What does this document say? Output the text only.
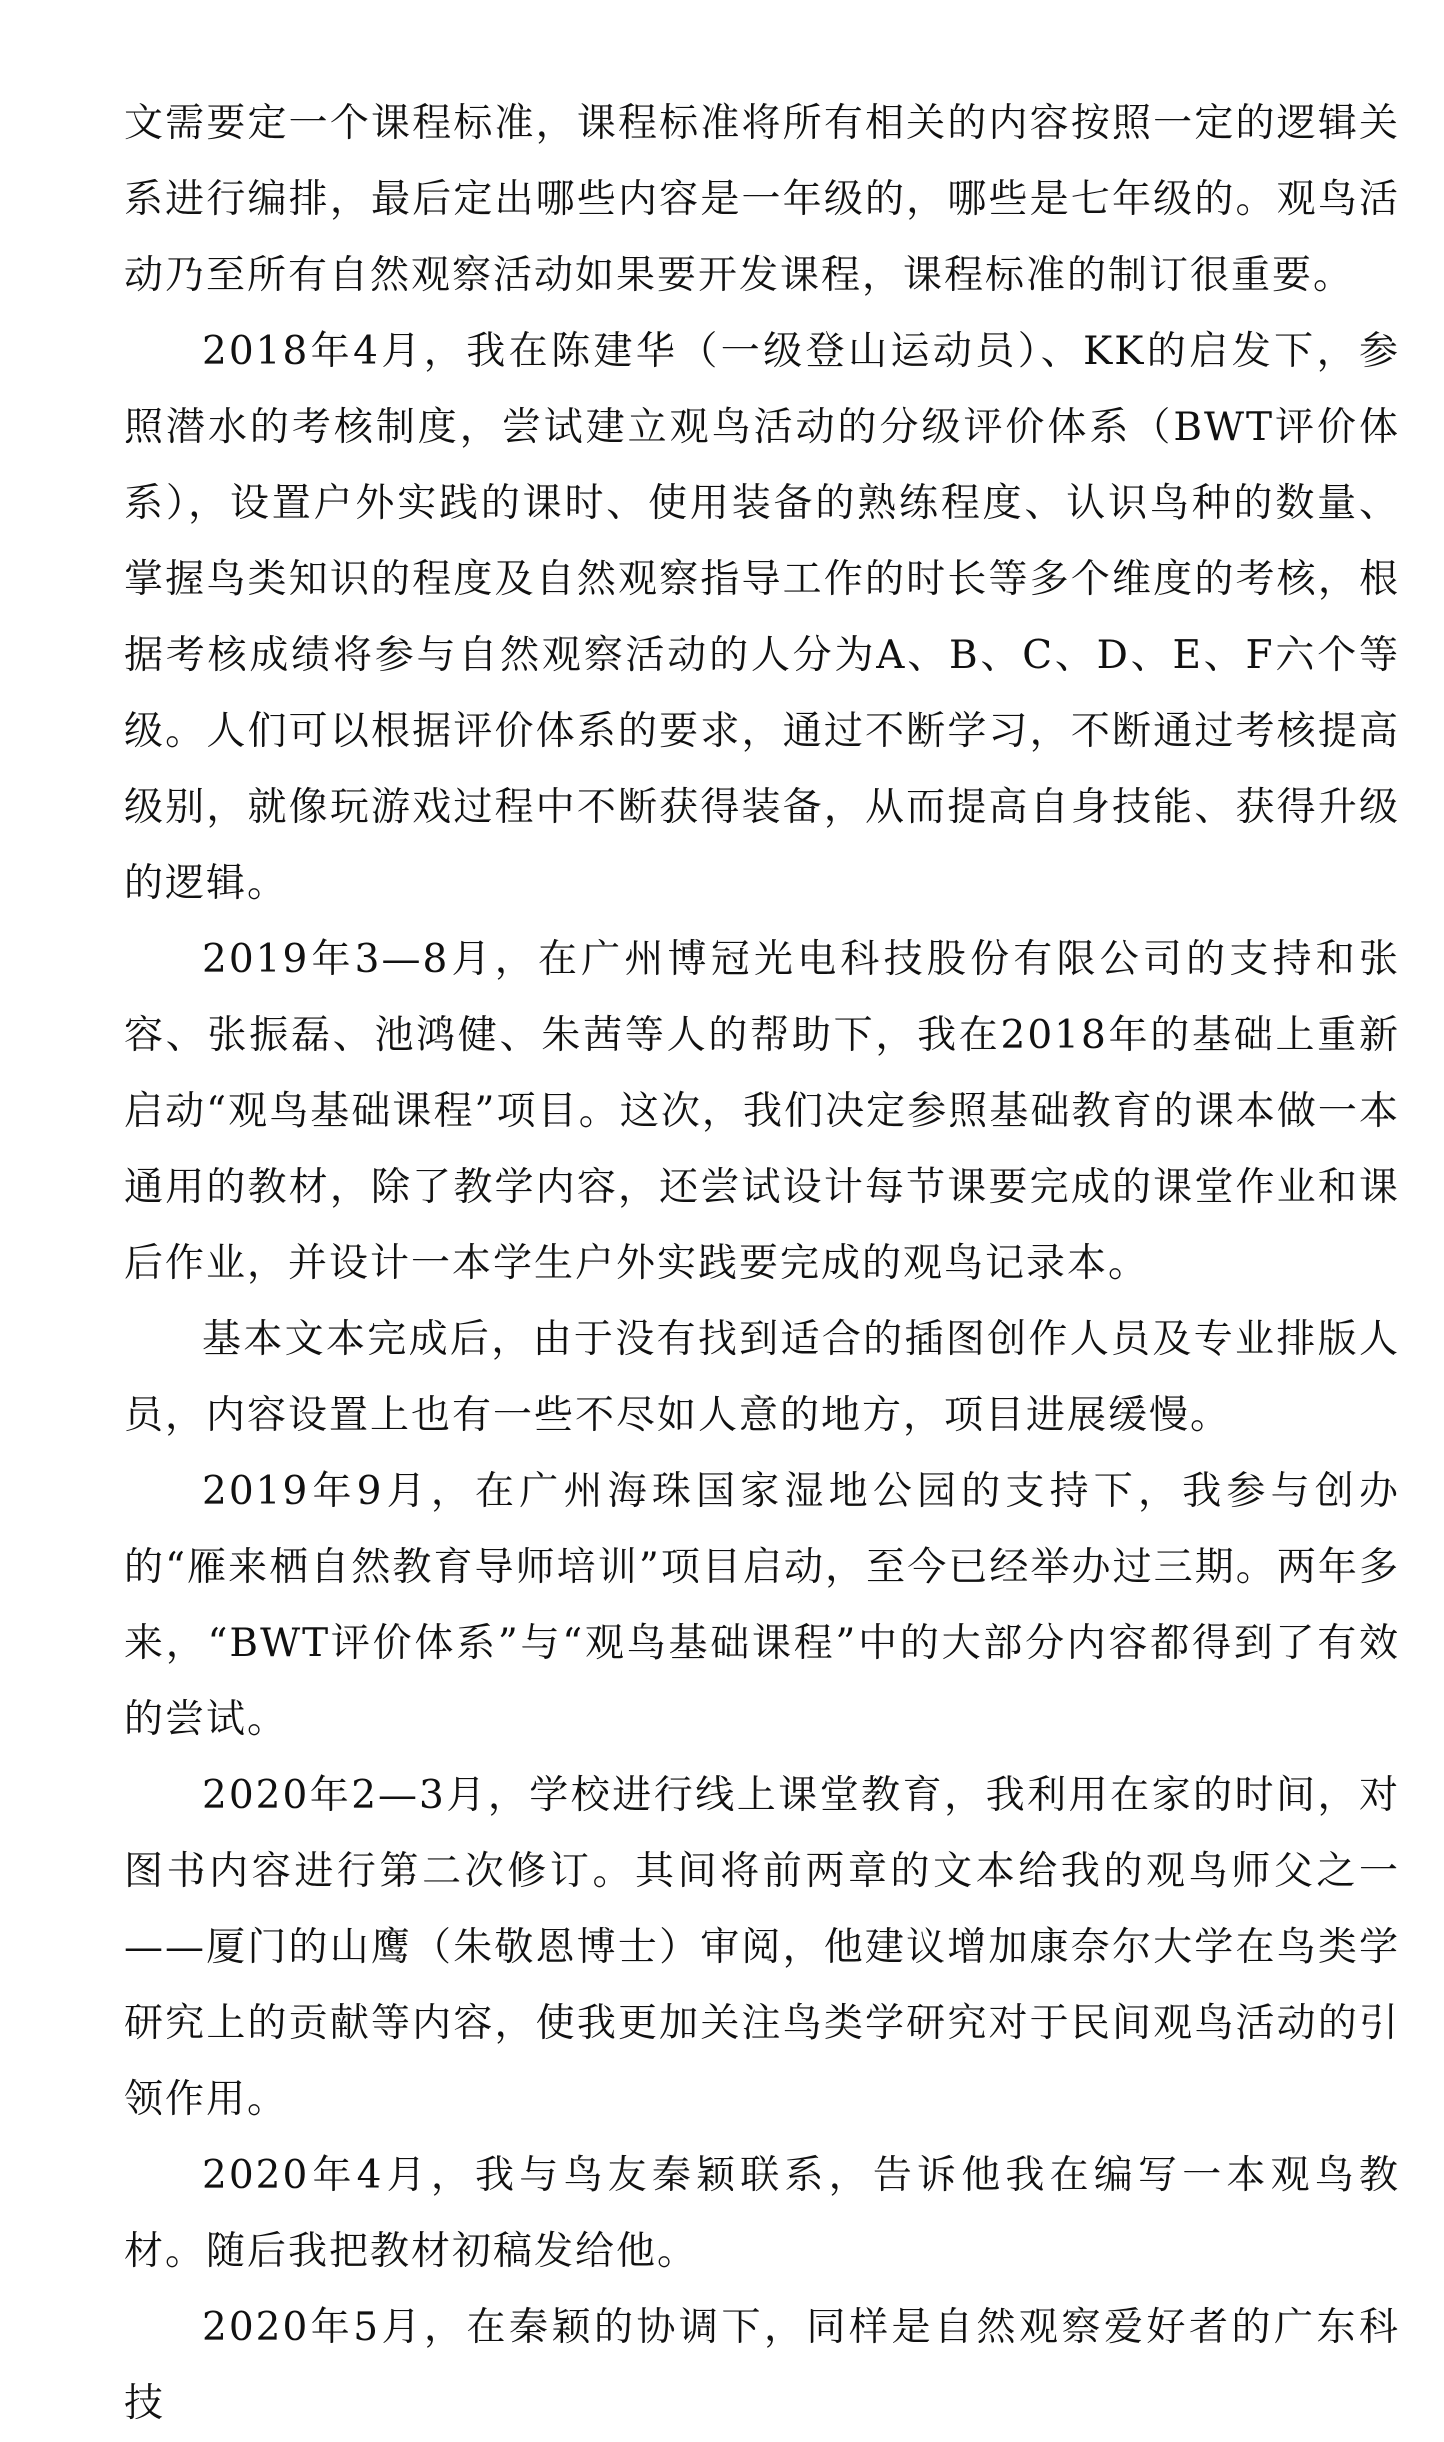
文需要定一个课程标准，课程标准将所有相关的内容按照一定的逻辑关系进行编排，最后定出哪些内容是一年级的，哪些是七年级的。观鸟活动乃至所有自然观察活动如果要开发课程，课程标准的制订很重要。

2018年4月，我在陈建华（一级登山运动员）、KK的启发下，参照潜水的考核制度，尝试建立观鸟活动的分级评价体系（BWT评价体系），设置户外实践的课时、使用装备的熟练程度、认识鸟种的数量、掌握鸟类知识的程度及自然观察指导工作的时长等多个维度的考核，根据考核成绩将参与自然观察活动的人分为A、B、C、D、E、F六个等级。人们可以根据评价体系的要求，通过不断学习，不断通过考核提高级别，就像玩游戏过程中不断获得装备，从而提高自身技能、获得升级的逻辑。

2019年3—8月，在广州博冠光电科技股份有限公司的支持和张容、张振磊、池鸿健、朱茜等人的帮助下，我在2018年的基础上重新启动“观鸟基础课程”项目。这次，我们决定参照基础教育的课本做一本通用的教材，除了教学内容，还尝试设计每节课要完成的课堂作业和课后作业，并设计一本学生户外实践要完成的观鸟记录本。

基本文本完成后，由于没有找到适合的插图创作人员及专业排版人员，内容设置上也有一些不尽如人意的地方，项目进展缓慢。

2019年9月，在广州海珠国家湿地公园的支持下，我参与创办的“雁来栖自然教育导师培训”项目启动，至今已经举办过三期。两年多来，“BWT评价体系”与“观鸟基础课程”中的大部分内容都得到了有效的尝试。

2020年2—3月，学校进行线上课堂教育，我利用在家的时间，对图书内容进行第二次修订。其间将前两章的文本给我的观鸟师父之一——厦门的山鹰（朱敬恩博士）审阅，他建议增加康奈尔大学在鸟类学研究上的贡献等内容，使我更加关注鸟类学研究对于民间观鸟活动的引领作用。

2020年4月，我与鸟友秦颖联系，告诉他我在编写一本观鸟教材。随后我把教材初稿发给他。

2020年5月，在秦颖的协调下，同样是自然观察爱好者的广东科技
